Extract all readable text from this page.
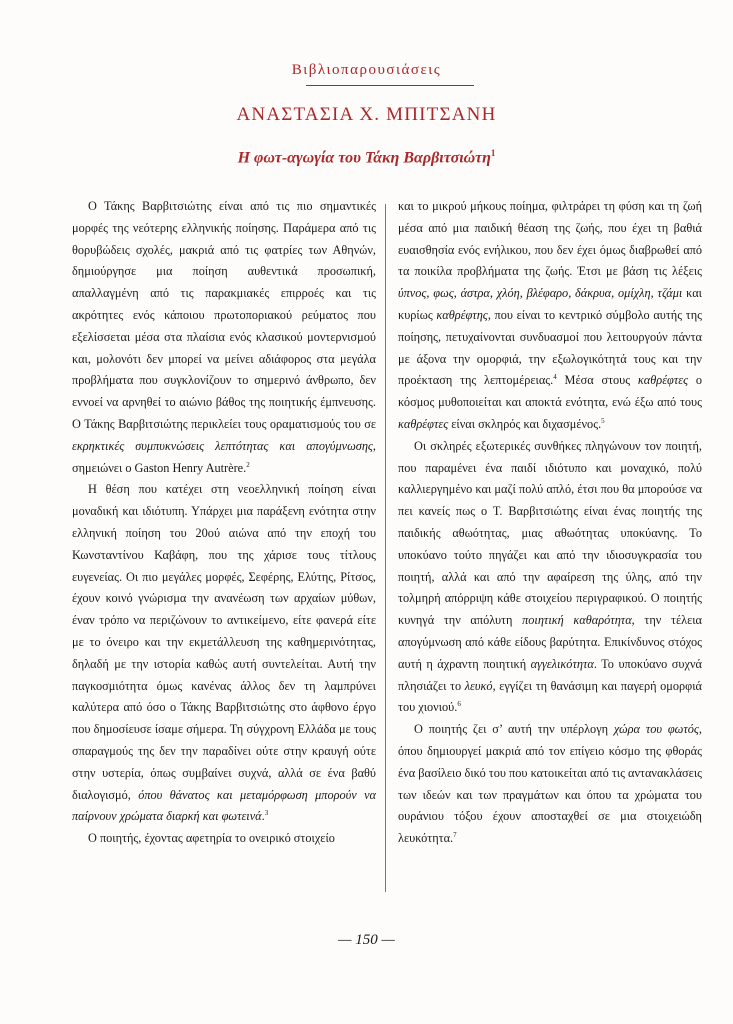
Βιβλιοπαρουσιάσεις
ΑΝΑΣΤΑΣΙΑ Χ. ΜΠΙΤΣΑΝΗ
Η φωτ-αγωγία του Τάκη Βαρβιτσιώτη$^1$

Ο Τάκης Βαρβιτσιώτης είναι από τις πιο σημαντικές μορφές της νεότερης ελληνικής ποίησης. Παράμερα από τις θορυβώδεις σχολές, μακριά από τις φατρίες των Αθηνών, δημιούργησε μια ποίηση αυθεντικά προσωπική, απαλλαγμένη από τις παρακμιακές επιρροές και τις ακρότητες ενός κάποιου πρωτοποριακού ρεύματος που εξελίσσεται μέσα στα πλαίσια ενός κλασικού μοντερνισμού και, μολονότι δεν μπορεί να μείνει αδιάφορος στα μεγάλα προβλήματα που συγκλονίζουν το σημερινό άνθρωπο, δεν εννοεί να αρνηθεί το αιώνιο βάθος της ποιητικής έμπνευσης. Ο Τάκης Βαρβιτσιώτης περικλείει τους οραματισμούς του σε εκρηκτικές συμπυκνώσεις λεπτότητας και απογύμνωσης, σημειώνει ο Gaston Henry Autrère.$^2$

Η θέση που κατέχει στη νεοελληνική ποίηση είναι μοναδική και ιδιότυπη. Υπάρχει μια παράξενη ενότητα στην ελληνική ποίηση του 20ού αιώνα από την εποχή του Κωνσταντίνου Καβάφη, που της χάρισε τους τίτλους ευγενείας. Οι πιο μεγάλες μορφές, Σεφέρης, Ελύτης, Ρίτσος, έχουν κοινό γνώρισμα την ανανέωση των αρχαίων μύθων, έναν τρόπο να περιζώνουν το αντικείμενο, είτε φανερά είτε με το όνειρο και την εκμετάλλευση της καθημερινότητας, δηλαδή με την ιστορία καθώς αυτή συντελείται. Αυτή την παγκοσμιότητα όμως κανένας άλλος δεν τη λαμπρύνει καλύτερα από όσο ο Τάκης Βαρβιτσιώτης στο άφθονο έργο που δημοσίευσε ίσαμε σήμερα. Τη σύγχρονη Ελλάδα με τους σπαραγμούς της δεν την παραδίνει ούτε στην κραυγή ούτε στην υστερία, όπως συμβαίνει συχνά, αλλά σε ένα βαθύ διαλογισμό, όπου θάνατος και μεταμόρφωση μπορούν να παίρνουν χρώματα διαρκή και φωτεινά.$^3$

Ο ποιητής, έχοντας αφετηρία το ονειρικό στοιχείο

και το μικρού μήκους ποίημα, φιλτράρει τη φύση και τη ζωή μέσα από μια παιδική θέαση της ζωής, που έχει τη βαθιά ευαισθησία ενός ενήλικου, που δεν έχει όμως διαβρωθεί από τα ποικίλα προβλήματα της ζωής. Έτσι με βάση τις λέξεις ύπνος, φως, άστρα, χλόη, βλέφαρο, δάκρυα, ομίχλη, τζάμι και κυρίως καθρέφτης, που είναι το κεντρικό σύμβολο αυτής της ποίησης, πετυχαίνονται συνδυασμοί που λειτουργούν πάντα με άξονα την ομορφιά, την εξωλογικότητά τους και την προέκταση της λεπτομέρειας.$^4$ Μέσα στους καθρέφτες ο κόσμος μυθοποιείται και αποκτά ενότητα, ενώ έξω από τους καθρέφτες είναι σκληρός και διχασμένος.$^5$

Οι σκληρές εξωτερικές συνθήκες πληγώνουν τον ποιητή, που παραμένει ένα παιδί ιδιότυπο και μοναχικό, πολύ καλλιεργημένο και μαζί πολύ απλό, έτσι που θα μπορούσε να πει κανείς πως ο Τ. Βαρβιτσιώτης είναι ένας ποιητής της παιδικής αθωότητας, μιας αθωότητας υποκύανης. Το υποκύανο τούτο πηγάζει και από την ιδιοσυγκρασία του ποιητή, αλλά και από την αφαίρεση της ύλης, από την τολμηρή απόρριψη κάθε στοιχείου περιγραφικού. Ο ποιητής κυνηγά την απόλυτη ποιητική καθαρότητα, την τέλεια απογύμνωση από κάθε είδους βαρύτητα. Επικίνδυνος στόχος αυτή η άχραντη ποιητική αγγελικότητα. Το υποκύανο συχνά πλησιάζει το λευκό, εγγίζει τη θανάσιμη και παγερή ομορφιά του χιονιού.$^6$

Ο ποιητής ζει σ’ αυτή την υπέρλογη χώρα του φωτός, όπου δημιουργεί μακριά από τον επίγειο κόσμο της φθοράς ένα βασίλειο δικό του που κατοικείται από τις αντανακλάσεις των ιδεών και των πραγμάτων και όπου τα χρώματα του ουράνιου τόξου έχουν αποσταχθεί σε μια στοιχειώδη λευκότητα.$^7$

— 150 —
